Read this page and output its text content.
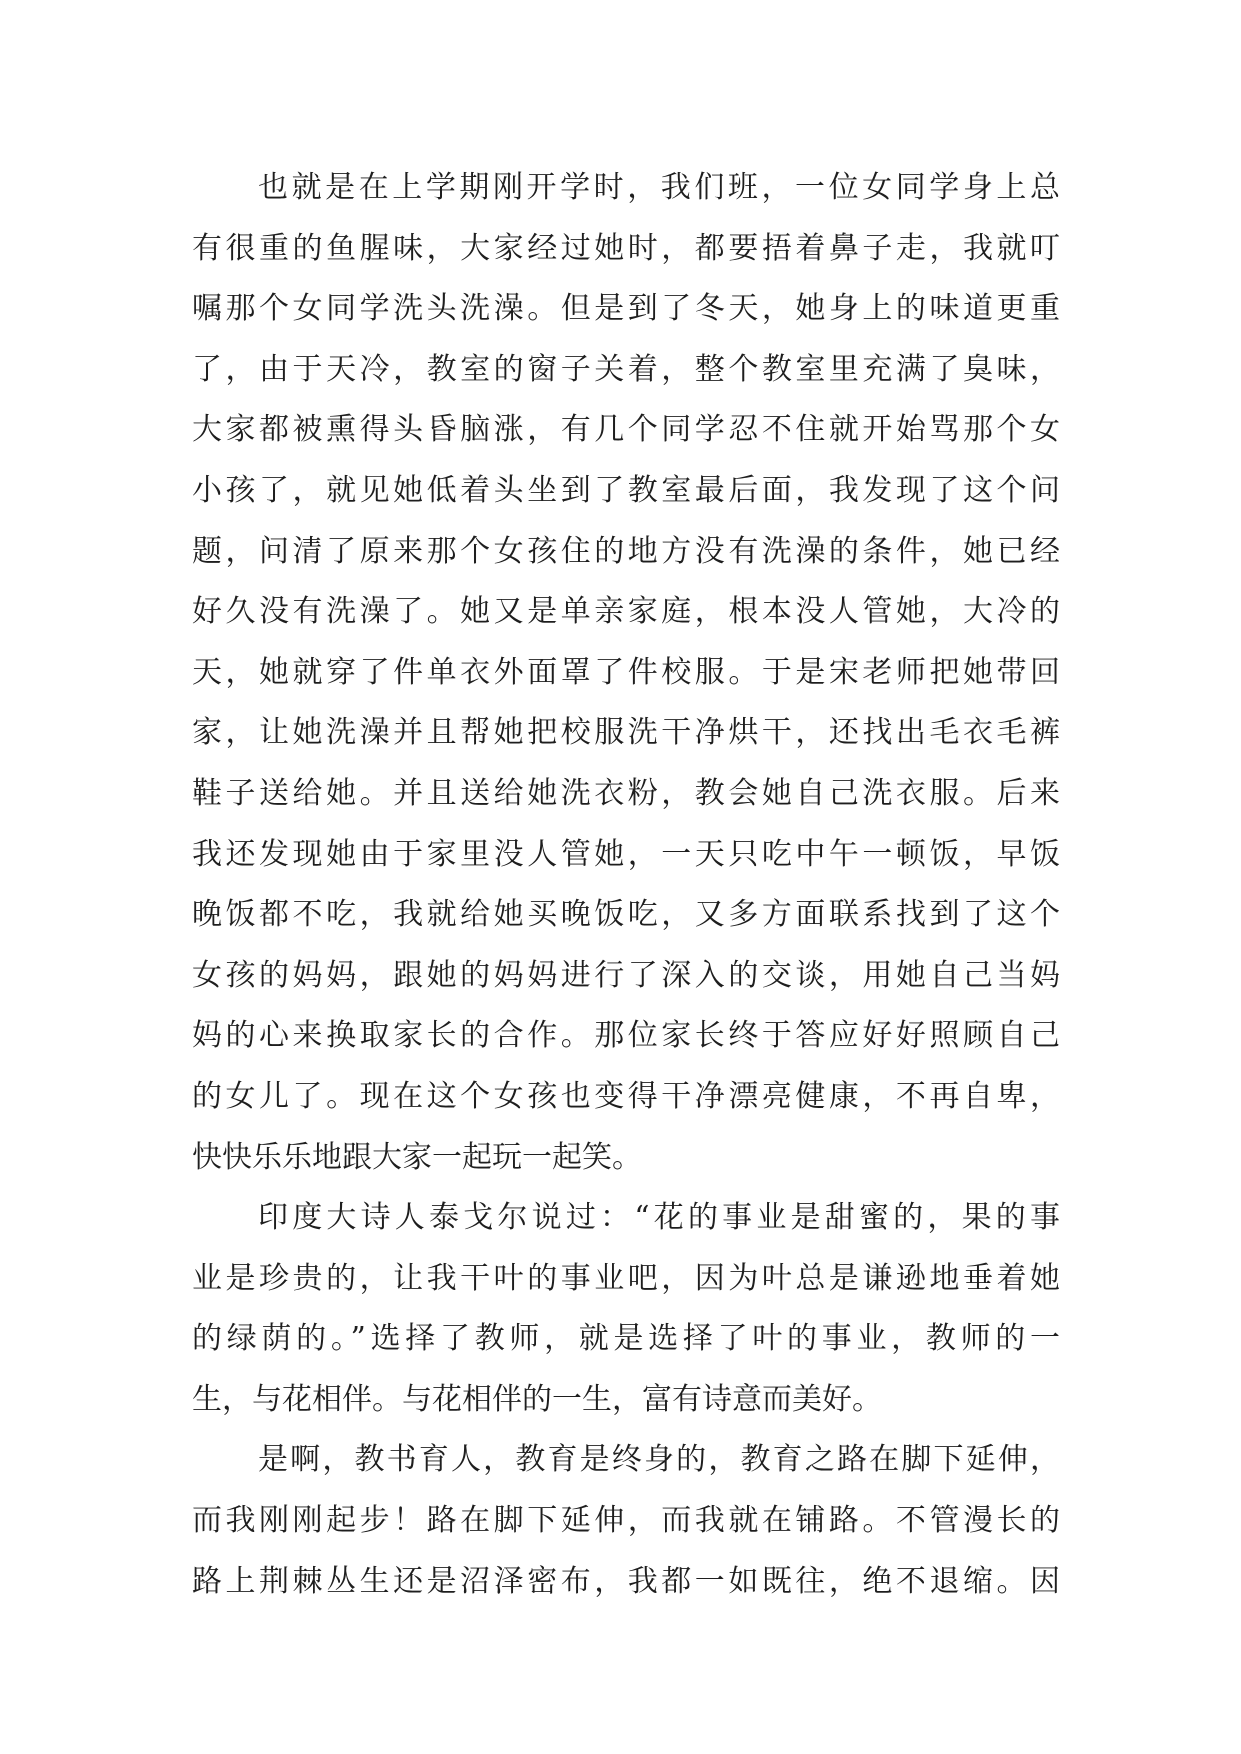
也就是在上学期刚开学时，我们班，一位女同学身上总
有很重的鱼腥味，大家经过她时，都要捂着鼻子走，我就叮
嘱那个女同学洗头洗澡。但是到了冬天，她身上的味道更重
了，由于天冷，教室的窗子关着，整个教室里充满了臭味，
大家都被熏得头昏脑涨，有几个同学忍不住就开始骂那个女
小孩了，就见她低着头坐到了教室最后面，我发现了这个问
题，问清了原来那个女孩住的地方没有洗澡的条件，她已经
好久没有洗澡了。她又是单亲家庭，根本没人管她，大冷的
天，她就穿了件单衣外面罩了件校服。于是宋老师把她带回
家，让她洗澡并且帮她把校服洗干净烘干，还找出毛衣毛裤
鞋子送给她。并且送给她洗衣粉，教会她自己洗衣服。后来
我还发现她由于家里没人管她，一天只吃中午一顿饭，早饭
晚饭都不吃，我就给她买晚饭吃，又多方面联系找到了这个
女孩的妈妈，跟她的妈妈进行了深入的交谈，用她自己当妈
妈的心来换取家长的合作。那位家长终于答应好好照顾自己
的女儿了。现在这个女孩也变得干净漂亮健康，不再自卑，
快快乐乐地跟大家一起玩一起笑。
印度大诗人泰戈尔说过：“花的事业是甜蜜的，果的事
业是珍贵的，让我干叶的事业吧，因为叶总是谦逊地垂着她
的绿荫的。”选择了教师，就是选择了叶的事业，教师的一
生，与花相伴。与花相伴的一生，富有诗意而美好。
是啊，教书育人，教育是终身的，教育之路在脚下延伸，
而我刚刚起步！路在脚下延伸，而我就在铺路。不管漫长的
路上荆棘丛生还是沼泽密布，我都一如既往，绝不退缩。因
